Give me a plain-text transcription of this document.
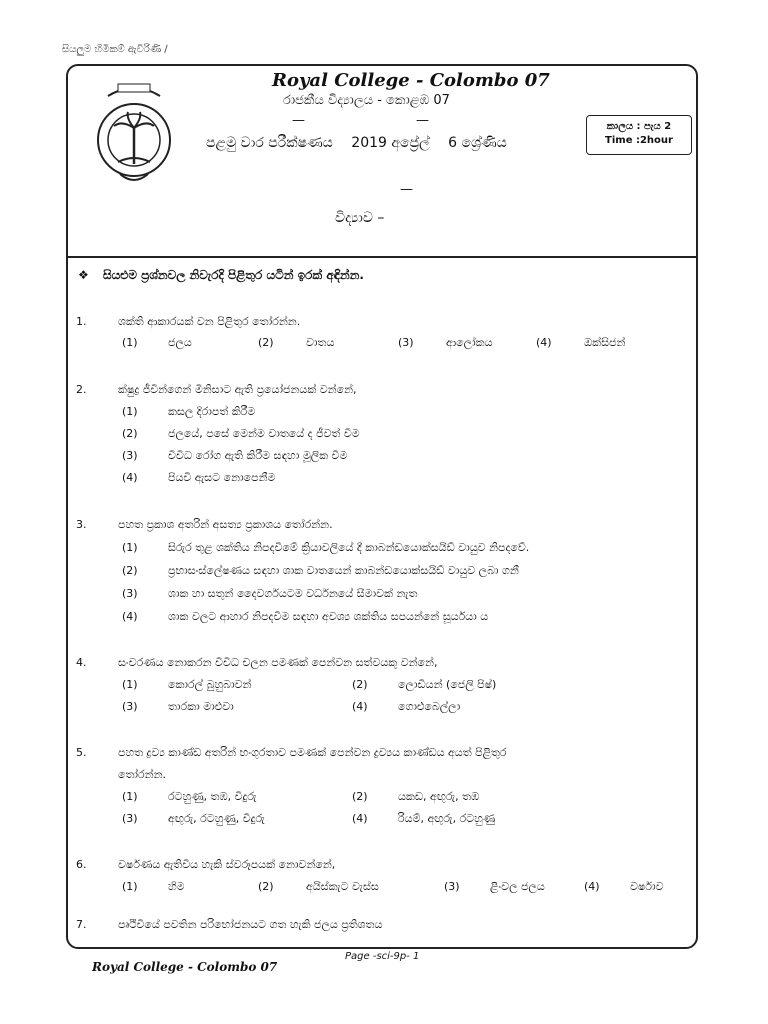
සියලුම හිමිකම් ඇවිරිණි ∕
Royal College - Colombo 07
රාජකීය විද්‍යාලය - කොළඹ 07
—	—
පළමු වාර පරීක්ෂණය 2019 අප්‍රේල් 6 ශ්‍රේණිය
කාලය : පැය 2
Time :2hour
—
විද්‍යාව –
❖ සියළුම ප්‍රශ්නවල නිවැරදි පිළිතුර යටින් ඉරක් අඳින්න.
1.	ශක්ති ආකාරයක් වන පිළිතුර තෝරන්න.
(1)	ජලය	(2)	වාතය	(3)	ආලෝකය	(4)	ඔක්සිජන්
2.	ක්ෂුද්‍ර ජීවීන්ගෙන් මිනිසාට ඇති ප්‍රයෝජනයක් වන්නේ,
(1)	කසල දිරාපත් කිරීම
(2)	ජලයේ, පසේ මෙන්ම වාතයේ ද ජීවත් වීම
(3)	විවිධ රෝග ඇති කිරීම සඳහා මූලික වීම
(4)	පියවි ඇසට නොපෙනීම
3.	පහත ප්‍රකාශ අතරින් අසත්‍ය ප්‍රකාශය තෝරන්න.
(1)	සිරුර තුළ ශක්තිය නිපදවීමේ ක්‍රියාවලියේ දී කාබන්ඩයොක්සයිඩ් වායුව නිපදවේ.
(2)	ප්‍රභාසංස්ලේෂණය සඳහා ශාක වාතයෙන් කාබන්ඩයොක්සයිඩ් වායුව ලබා ගනී
(3)	ශාක හා සතුන් දෛවර්ගයටම වර්ධනයේ සීමාවක් නැත
(4)	ශාක වලට ආහාර නිපදවීම සඳහා අවශ්‍ය ශක්තිය සපයන්නේ සූර්යයා ය
4.	සංචරණය නොකරන විවිධ චලන පමණක් පෙන්වන සත්වයකු වන්නේ,
(1)	කොරල් බුහුබාවන්	(2)	ලොඩියන් (ජෙලි පිෂ්)
(3)	තාරකා මාළුවා	(4)	ගොළුබෙල්ලා
5.	පහත ද්‍රව්‍ය කාණ්ඩ අතරින් භංගුරතාව පමණක් පෙන්වන ද්‍රව්‍යය කාණ්ඩය අයත් පිළිතුර
තෝරන්න.
(1)	රටහුණු, තඹ, වීදුරු	(2)	යකඩ, අඟුරු, තඹ
(3)	අඟුරු, රටහුණු, වීදුරු	(4)	රියම්, අඟුරු, රටහුණු
6.	වර්ෂණය ඇතිවිය හැකි ස්වරූපයක් නොවන්නේ,
(1)	හිම	(2)	අයිස්කැට වැස්ස	(3)	ළිංවල ජලය	(4)	වර්ෂාව
7.	පෘථිවියේ පවතින පරිභෝජනයට ගත හැකි ජලය ප්‍රතිශතය
Page -sci-9p- 1
Royal College - Colombo 07
